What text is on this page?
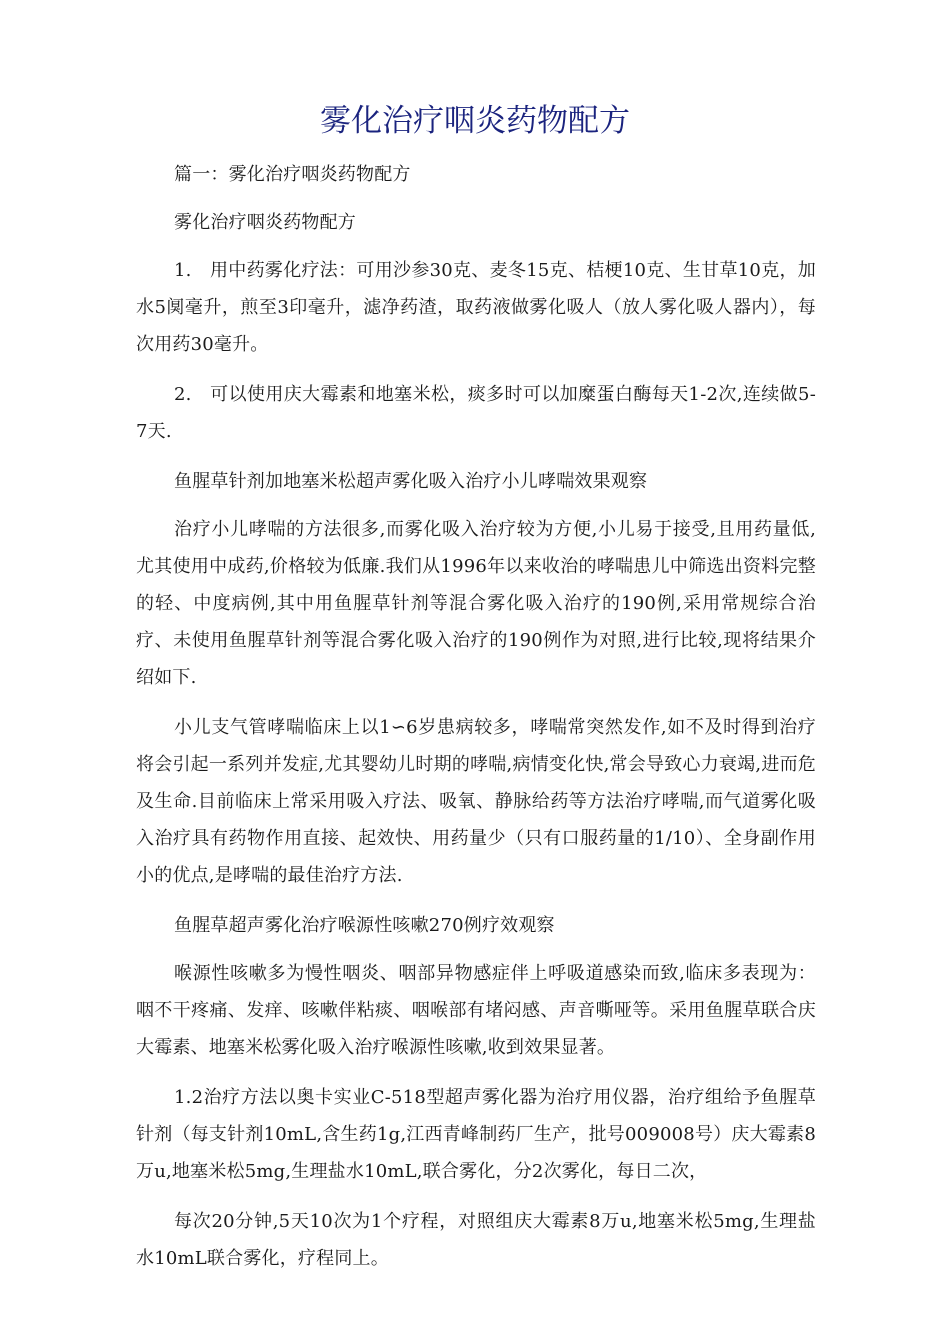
雾化治疗咽炎药物配方

篇一：雾化治疗咽炎药物配方

雾化治疗咽炎药物配方

1.　用中药雾化疗法：可用沙参30克、麦冬15克、桔梗10克、生甘草10克，加水5阒毫升，煎至3印毫升，滤净药渣，取药液做雾化吸人（放人雾化吸人器内），每次用药30毫升。

2.　可以使用庆大霉素和地塞米松，痰多时可以加糜蛋白酶每天1-2次,连续做5-7天.

鱼腥草针剂加地塞米松超声雾化吸入治疗小儿哮喘效果观察

治疗小儿哮喘的方法很多,而雾化吸入治疗较为方便,小儿易于接受,且用药量低,尤其使用中成药,价格较为低廉.我们从1996年以来收治的哮喘患儿中筛选出资料完整的轻、中度病例,其中用鱼腥草针剂等混合雾化吸入治疗的190例,采用常规综合治疗、未使用鱼腥草针剂等混合雾化吸入治疗的190例作为对照,进行比较,现将结果介绍如下.

小儿支气管哮喘临床上以1∽6岁患病较多，哮喘常突然发作,如不及时得到治疗将会引起一系列并发症,尤其婴幼儿时期的哮喘,病情变化快,常会导致心力衰竭,进而危及生命.目前临床上常采用吸入疗法、吸氧、静脉给药等方法治疗哮喘,而气道雾化吸入治疗具有药物作用直接、起效快、用药量少（只有口服药量的1/10）、全身副作用小的优点,是哮喘的最佳治疗方法.

鱼腥草超声雾化治疗喉源性咳嗽270例疗效观察

喉源性咳嗽多为慢性咽炎、咽部异物感症伴上呼吸道感染而致,临床多表现为：咽不干疼痛、发痒、咳嗽伴粘痰、咽喉部有堵闷感、声音嘶哑等。采用鱼腥草联合庆大霉素、地塞米松雾化吸入治疗喉源性咳嗽,收到效果显著。

1.2治疗方法以奥卡实业C-518型超声雾化器为治疗用仪器，治疗组给予鱼腥草针剂（每支针剂10mL,含生药1g,江西青峰制药厂生产，批号009008号）庆大霉素8万u,地塞米松5mg,生理盐水10mL,联合雾化，分2次雾化，每日二次，

每次20分钟,5天10次为1个疗程，对照组庆大霉素8万u,地塞米松5mg,生理盐水10mL联合雾化，疗程同上。
